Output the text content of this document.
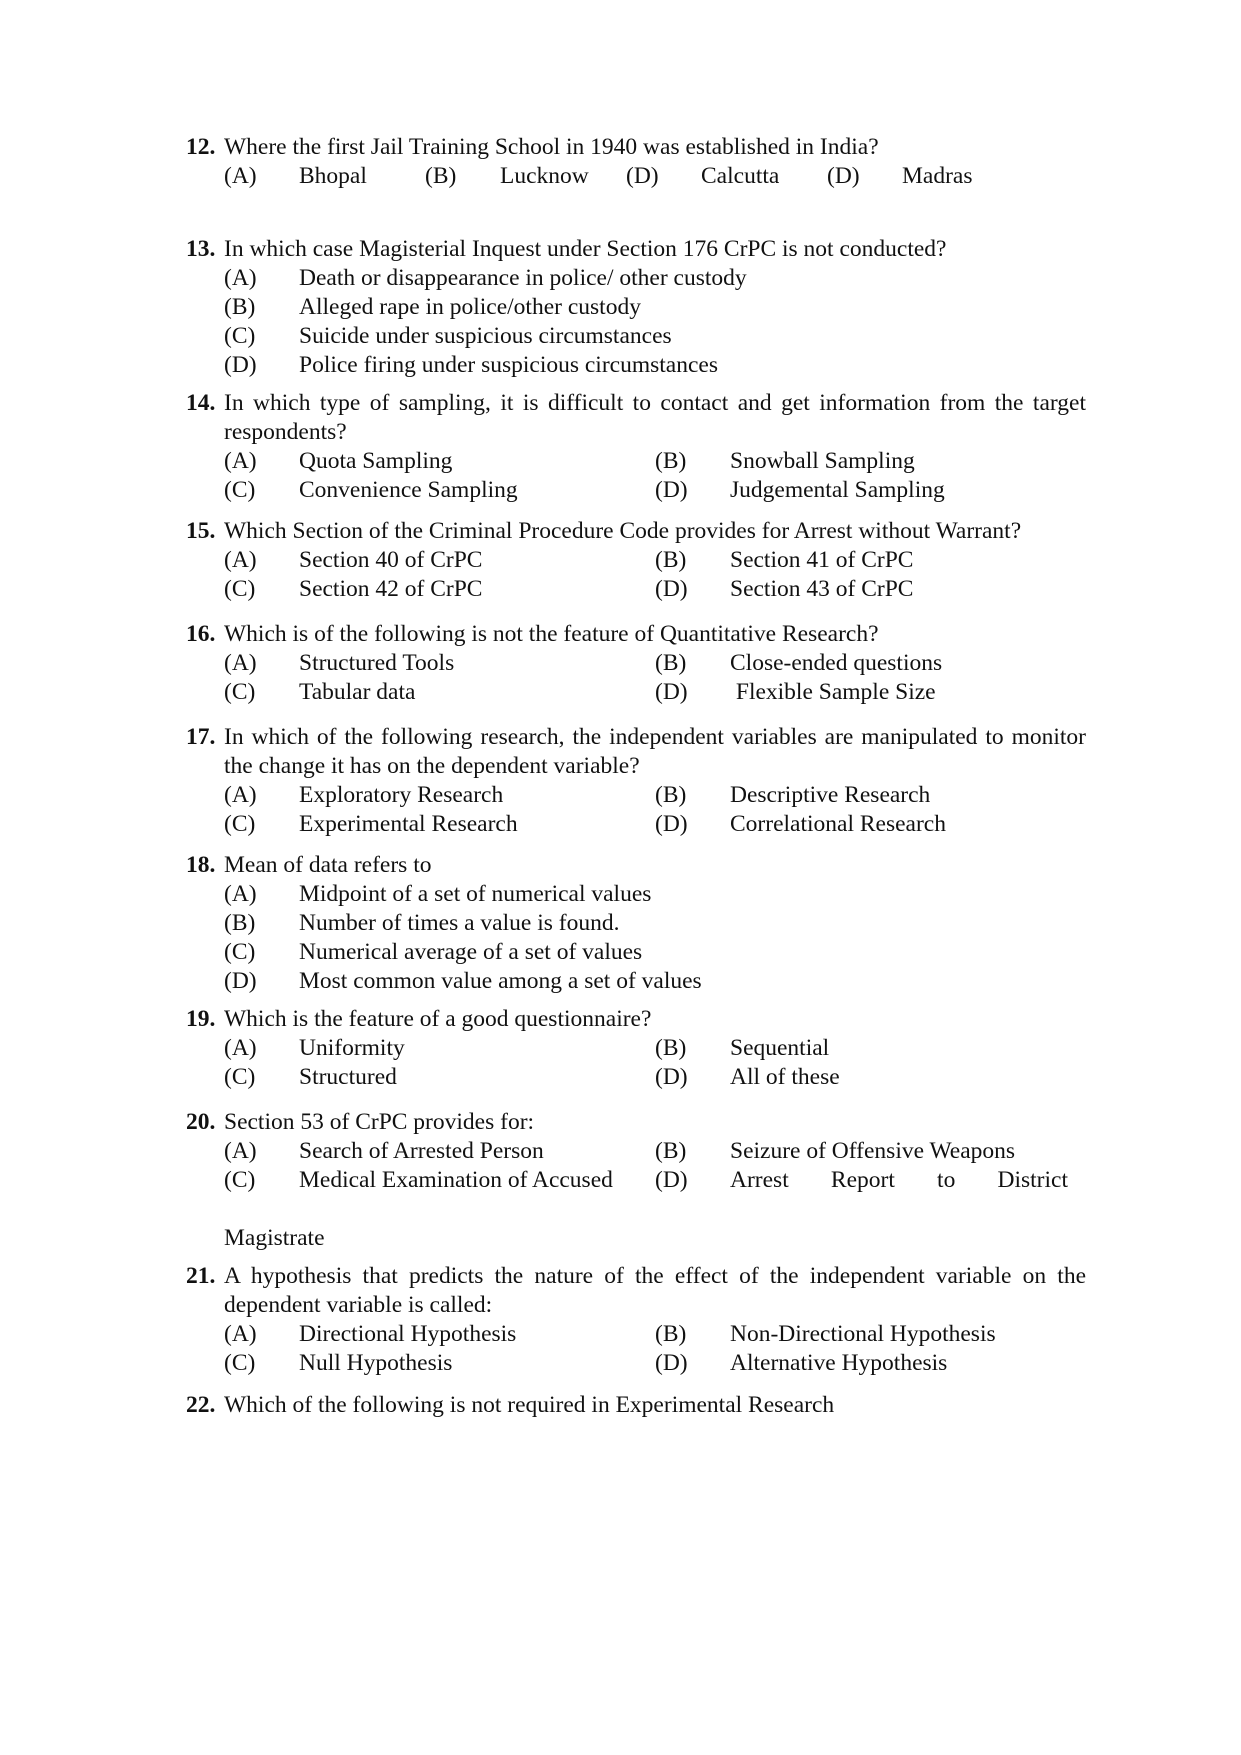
12. Where the first Jail Training School in 1940 was established in India?
(A)	Bhopal	(B)	Lucknow	(D)	Calcutta	(D)	Madras
13. In which case Magisterial Inquest under Section 176 CrPC is not conducted?
(A)	Death or disappearance in police/ other custody
(B)	Alleged rape in police/other custody
(C)	Suicide under suspicious circumstances
(D)	Police firing under suspicious circumstances
14. In which type of sampling, it is difficult to contact and get information from the target respondents?
(A)	Quota Sampling	(B)	Snowball Sampling
(C)	Convenience Sampling	(D)	Judgemental Sampling
15. Which Section of the Criminal Procedure Code provides for Arrest without Warrant?
(A)	Section 40 of CrPC	(B)	Section 41 of CrPC
(C)	Section 42 of CrPC	(D)	Section 43 of CrPC
16. Which is of the following is not the feature of Quantitative Research?
(A)	Structured Tools	(B)	Close-ended questions
(C)	Tabular data	(D)	Flexible Sample Size
17. In which of the following research, the independent variables are manipulated to monitor the change it has on the dependent variable?
(A)	Exploratory Research	(B)	Descriptive Research
(C)	Experimental Research	(D)	Correlational Research
18. Mean of data refers to
(A)	Midpoint of a set of numerical values
(B)	Number of times a value is found.
(C)	Numerical average of a set of values
(D)	Most common value among a set of values
19. Which is the feature of a good questionnaire?
(A)	Uniformity	(B)	Sequential
(C)	Structured	(D)	All of these
20. Section 53 of CrPC provides for:
(A)	Search of Arrested Person	(B)	Seizure of Offensive Weapons
(C)	Medical Examination of Accused (D)	Arrest Report to District
Magistrate
21. A hypothesis that predicts the nature of the effect of the independent variable on the dependent variable is called:
(A)	Directional Hypothesis	(B)	Non-Directional Hypothesis
(C)	Null Hypothesis	(D)	Alternative Hypothesis
22. Which of the following is not required in Experimental Research
